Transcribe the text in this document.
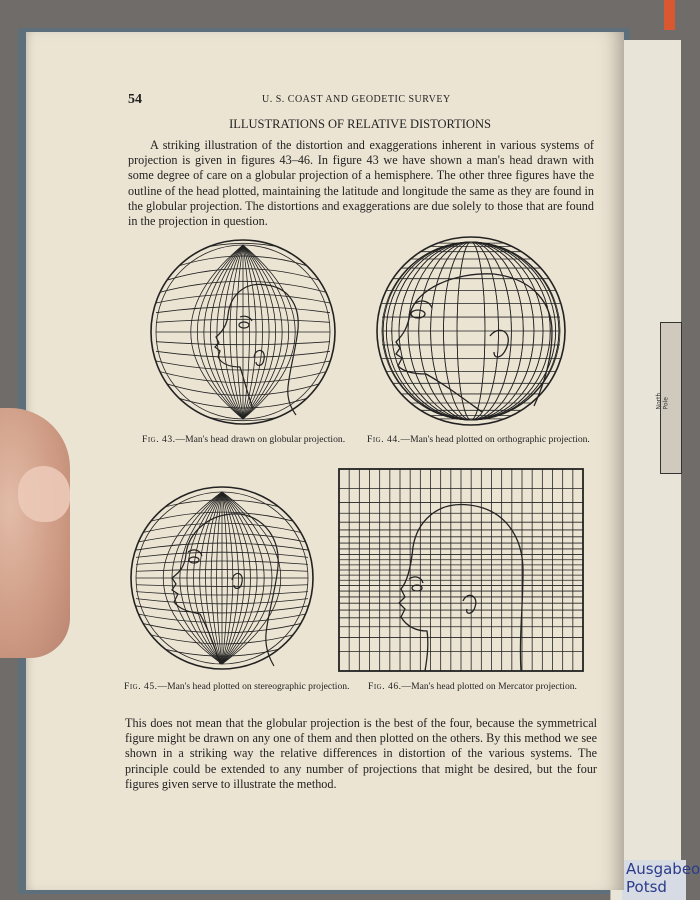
North Pole
Ausgabeo Potsd
54	U. S. COAST AND GEODETIC SURVEY
ILLUSTRATIONS OF RELATIVE DISTORTIONS

A striking illustration of the distortion and exaggerations inherent in various systems of projection is given in figures 43–46. In figure 43 we have shown a man's head drawn with some degree of care on a globular projection of a hemisphere. The other three figures have the outline of the head plotted, maintaining the latitude and longitude the same as they are found in the globular projection. The distortions and exaggerations are due solely to those that are found in the projection in question.

Fig. 43.—Man's head drawn on globular projection.	Fig. 44.—Man's head plotted on orthographic projection.
Fig. 45.—Man's head plotted on stereographic projection.	Fig. 46.—Man's head plotted on Mercator projection.

This does not mean that the globular projection is the best of the four, because the symmetrical figure might be drawn on any one of them and then plotted on the others. By this method we see shown in a striking way the relative differences in distortion of the various systems. The principle could be extended to any number of projections that might be desired, but the four figures given serve to illustrate the method.
